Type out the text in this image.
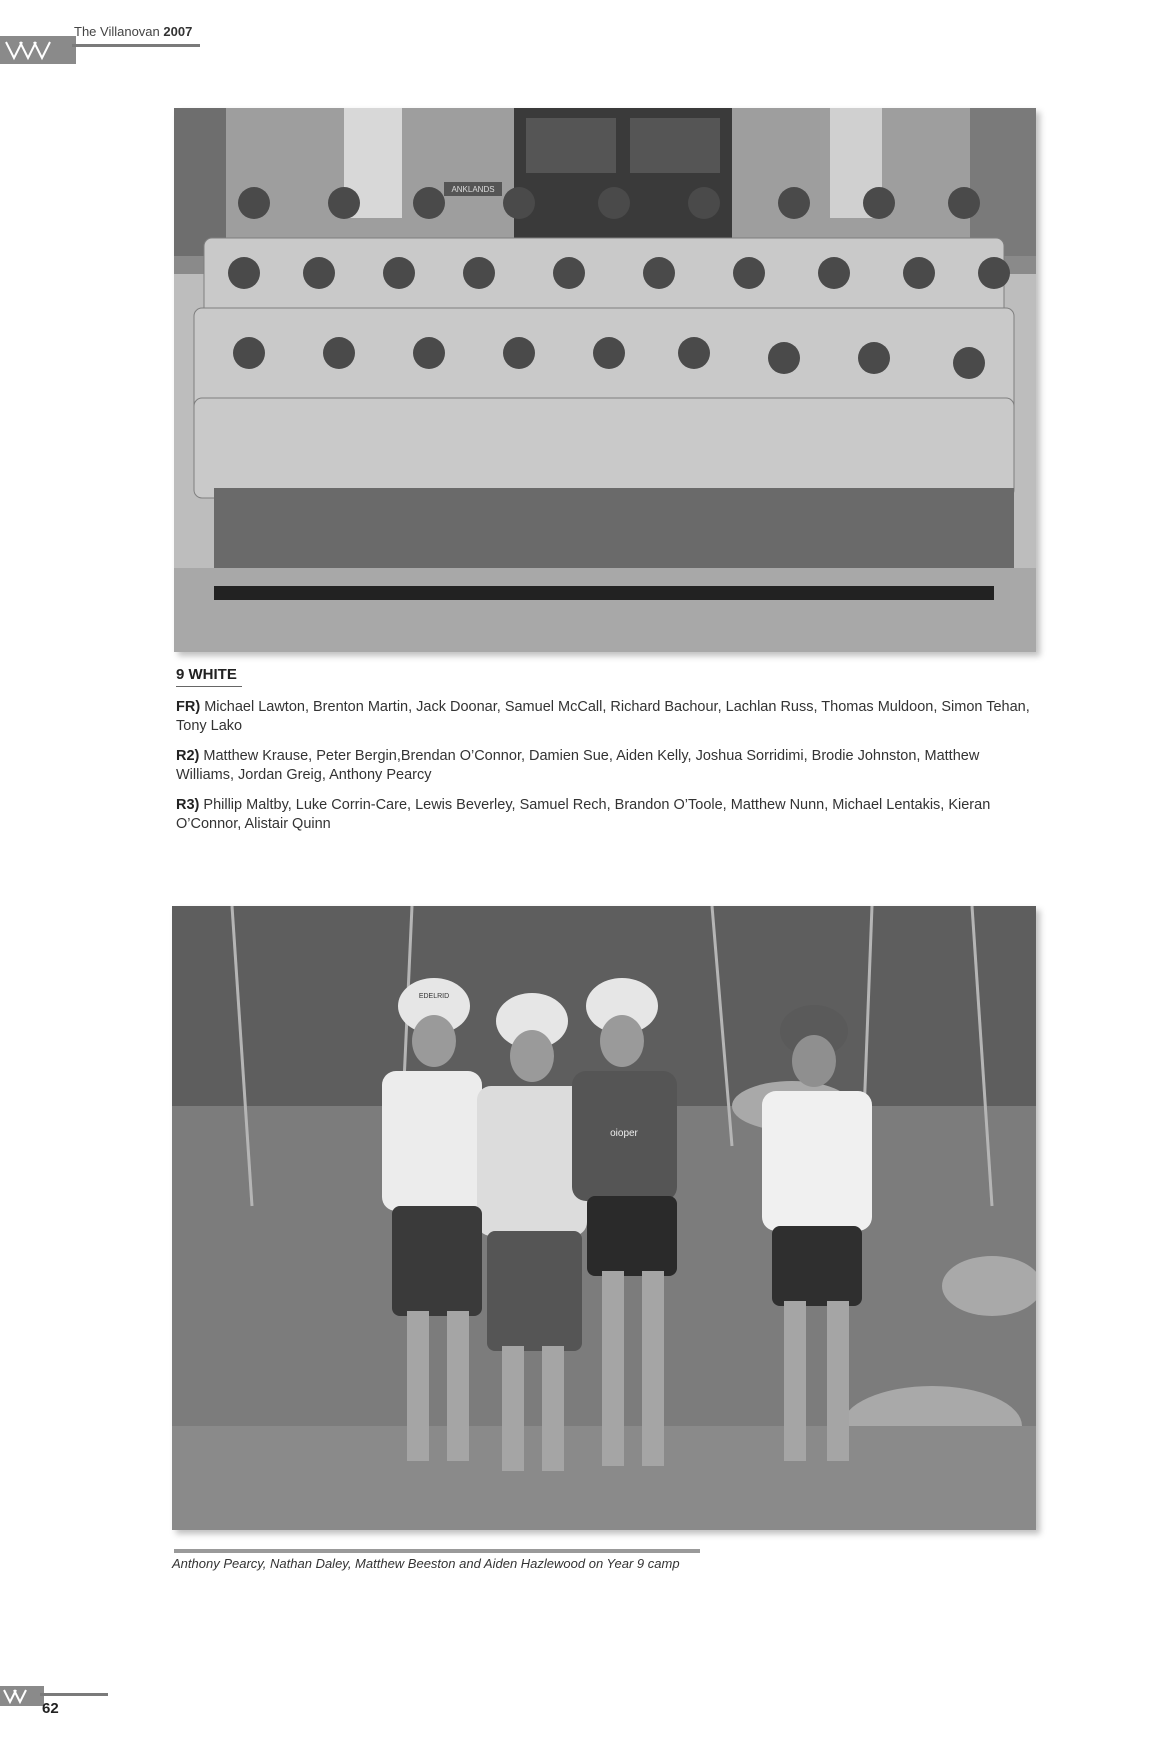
The Villanovan 2007
ANKLANDS
9 WHITE
FR) Michael Lawton, Brenton Martin, Jack Doonar, Samuel McCall, Richard Bachour, Lachlan Russ, Thomas Muldoon, Simon Tehan, Tony Lako
R2) Matthew Krause, Peter Bergin,Brendan O’Connor, Damien Sue, Aiden Kelly, Joshua Sorridimi, Brodie Johnston, Matthew Williams, Jordan Greig, Anthony Pearcy
R3) Phillip Maltby, Luke Corrin-Care, Lewis Beverley, Samuel Rech, Brandon O’Toole, Matthew Nunn, Michael Lentakis, Kieran O’Connor, Alistair Quinn
EDELRID
oioper
Anthony Pearcy, Nathan Daley, Matthew Beeston and Aiden Hazlewood on Year 9 camp
62
